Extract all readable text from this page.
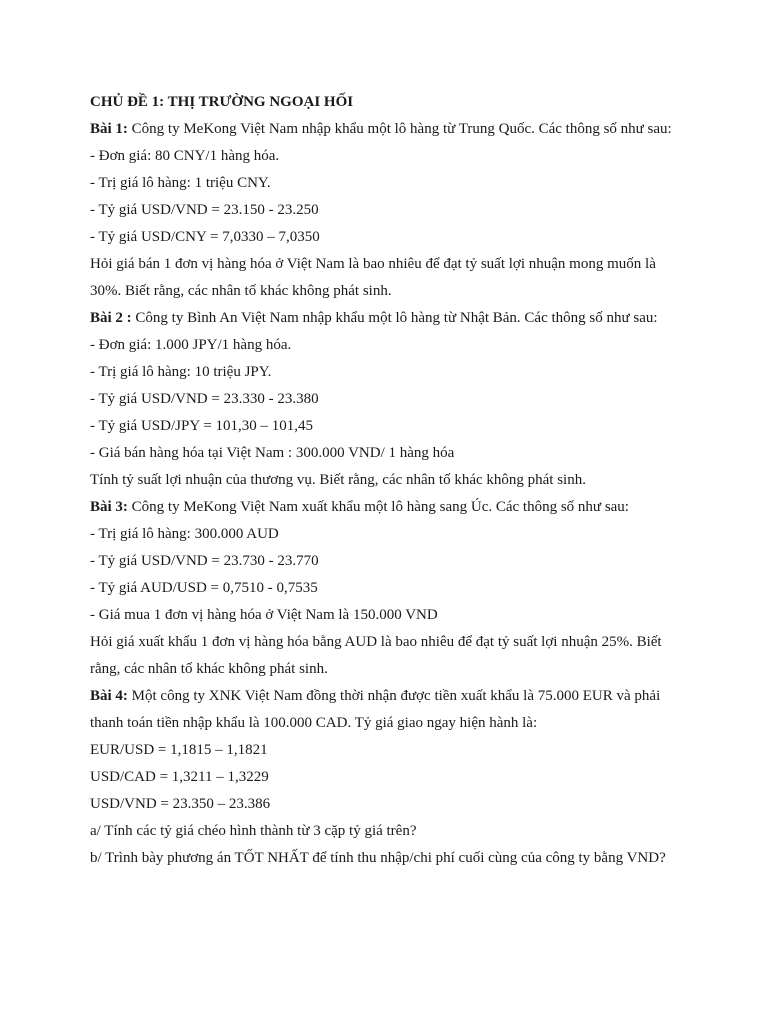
CHỦ ĐỀ 1: THỊ TRƯỜNG NGOẠI HỐI
Bài 1: Công ty MeKong Việt Nam nhập khẩu một lô hàng từ Trung Quốc. Các thông số như sau:
- Đơn giá: 80 CNY/1 hàng hóa.
- Trị giá lô hàng: 1 triệu CNY.
- Tỷ giá USD/VND = 23.150 - 23.250
- Tỷ giá USD/CNY = 7,0330 – 7,0350
Hỏi giá bán 1 đơn vị hàng hóa ở Việt Nam là bao nhiêu để đạt tỷ suất lợi nhuận mong muốn là
30%. Biết rằng, các nhân tố khác không phát sinh.
Bài 2 : Công ty Bình An Việt Nam nhập khẩu một lô hàng từ Nhật Bản. Các thông số như sau:
- Đơn giá: 1.000 JPY/1 hàng hóa.
- Trị giá lô hàng: 10 triệu JPY.
- Tỷ giá USD/VND = 23.330 - 23.380
- Tỷ giá USD/JPY = 101,30 – 101,45
- Giá bán hàng hóa tại Việt Nam : 300.000 VND/ 1 hàng hóa
Tính tỷ suất lợi nhuận của thương vụ. Biết rằng, các nhân tố khác không phát sinh.
Bài 3: Công ty MeKong Việt Nam xuất khẩu một lô hàng sang Úc. Các thông số như sau:
- Trị giá lô hàng: 300.000 AUD
- Tỷ giá USD/VND = 23.730 - 23.770
- Tỷ giá AUD/USD = 0,7510 - 0,7535
- Giá mua 1 đơn vị hàng hóa ở Việt Nam là 150.000 VND
Hỏi giá xuất khẩu 1 đơn vị hàng hóa bằng AUD là bao nhiêu để đạt tỷ suất lợi nhuận 25%. Biết
rằng, các nhân tố khác không phát sinh.
Bài 4: Một công ty XNK Việt Nam đồng thời nhận được tiền xuất khẩu là 75.000 EUR và phải
thanh toán tiền nhập khẩu là 100.000 CAD. Tỷ giá giao ngay hiện hành là:
EUR/USD = 1,1815 – 1,1821
USD/CAD = 1,3211 – 1,3229
USD/VND = 23.350 – 23.386
a/ Tính các tỷ giá chéo hình thành từ 3 cặp tỷ giá trên?
b/ Trình bày phương án TỐT NHẤT để tính thu nhập/chi phí cuối cùng của công ty bằng VND?
